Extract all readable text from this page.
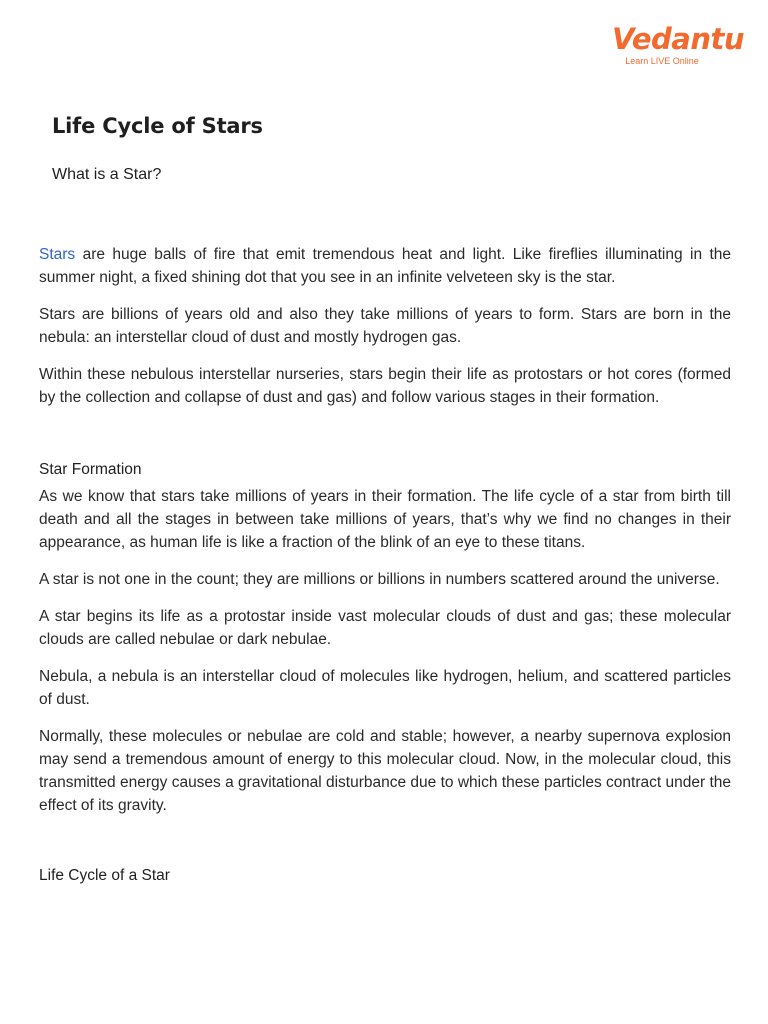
Vedantu
Learn LIVE Online
Life Cycle of Stars
What is a Star?

Stars are huge balls of fire that emit tremendous heat and light. Like fireflies illuminating in the summer night, a fixed shining dot that you see in an infinite velveteen sky is the star.

Stars are billions of years old and also they take millions of years to form. Stars are born in the nebula: an interstellar cloud of dust and mostly hydrogen gas.

Within these nebulous interstellar nurseries, stars begin their life as protostars or hot cores (formed by the collection and collapse of dust and gas) and follow various stages in their formation.

Star Formation

As we know that stars take millions of years in their formation. The life cycle of a star from birth till death and all the stages in between take millions of years, that’s why we find no changes in their appearance, as human life is like a fraction of the blink of an eye to these titans.

A star is not one in the count; they are millions or billions in numbers scattered around the universe.

A star begins its life as a protostar inside vast molecular clouds of dust and gas; these molecular clouds are called nebulae or dark nebulae.

Nebula, a nebula is an interstellar cloud of molecules like hydrogen, helium, and scattered particles of dust.

Normally, these molecules or nebulae are cold and stable; however, a nearby supernova explosion may send a tremendous amount of energy to this molecular cloud. Now, in the molecular cloud, this transmitted energy causes a gravitational disturbance due to which these particles contract under the effect of its gravity.

Life Cycle of a Star
